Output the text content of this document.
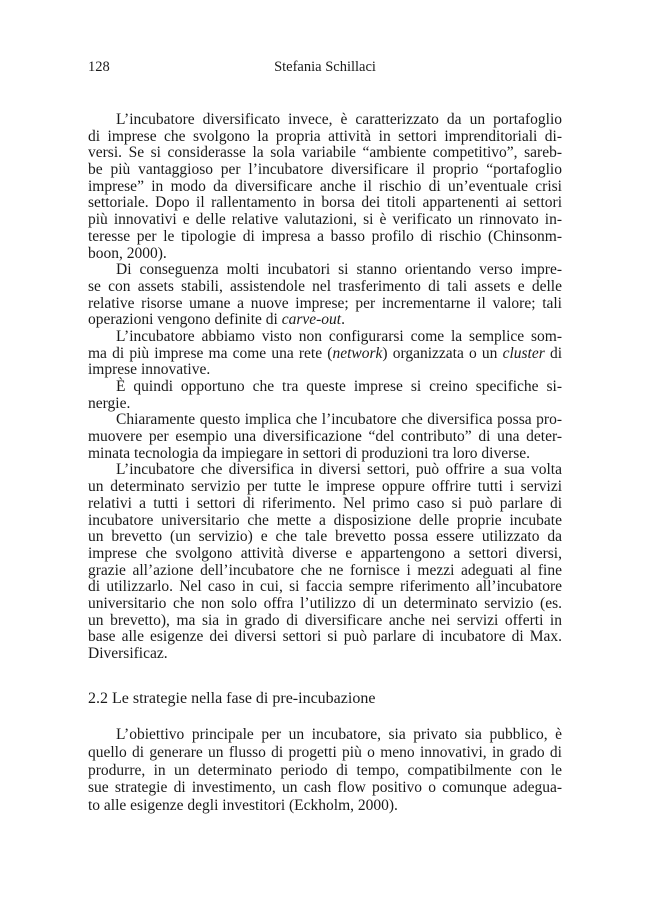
128	Stefania Schillaci
L’incubatore diversificato invece, è caratterizzato da un portafoglio
di imprese che svolgono la propria attività in settori imprenditoriali di-
versi. Se si considerasse la sola variabile “ambiente competitivo”, sareb-
be più vantaggioso per l’incubatore diversificare il proprio “portafoglio
imprese” in modo da diversificare anche il rischio di un’eventuale crisi
settoriale. Dopo il rallentamento in borsa dei titoli appartenenti ai settori
più innovativi e delle relative valutazioni, si è verificato un rinnovato in-
teresse per le tipologie di impresa a basso profilo di rischio (Chinsonm-
boon, 2000).
Di conseguenza molti incubatori si stanno orientando verso impre-
se con assets stabili, assistendole nel trasferimento di tali assets e delle
relative risorse umane a nuove imprese; per incrementarne il valore; tali
operazioni vengono definite di carve-out.
L’incubatore abbiamo visto non configurarsi come la semplice som-
ma di più imprese ma come una rete (network) organizzata o un cluster di
imprese innovative.
È quindi opportuno che tra queste imprese si creino specifiche si-
nergie.
Chiaramente questo implica che l’incubatore che diversifica possa pro-
muovere per esempio una diversificazione “del contributo” di una deter-
minata tecnologia da impiegare in settori di produzioni tra loro diverse.
L’incubatore che diversifica in diversi settori, può offrire a sua volta
un determinato servizio per tutte le imprese oppure offrire tutti i servizi
relativi a tutti i settori di riferimento. Nel primo caso si può parlare di
incubatore universitario che mette a disposizione delle proprie incubate
un brevetto (un servizio) e che tale brevetto possa essere utilizzato da
imprese che svolgono attività diverse e appartengono a settori diversi,
grazie all’azione dell’incubatore che ne fornisce i mezzi adeguati al fine
di utilizzarlo. Nel caso in cui, si faccia sempre riferimento all’incubatore
universitario che non solo offra l’utilizzo di un determinato servizio (es.
un brevetto), ma sia in grado di diversificare anche nei servizi offerti in
base alle esigenze dei diversi settori si può parlare di incubatore di Max.
Diversificaz.
2.2 Le strategie nella fase di pre-incubazione
L’obiettivo principale per un incubatore, sia privato sia pubblico, è
quello di generare un flusso di progetti più o meno innovativi, in grado di
produrre, in un determinato periodo di tempo, compatibilmente con le
sue strategie di investimento, un cash flow positivo o comunque adegua-
to alle esigenze degli investitori (Eckholm, 2000).
